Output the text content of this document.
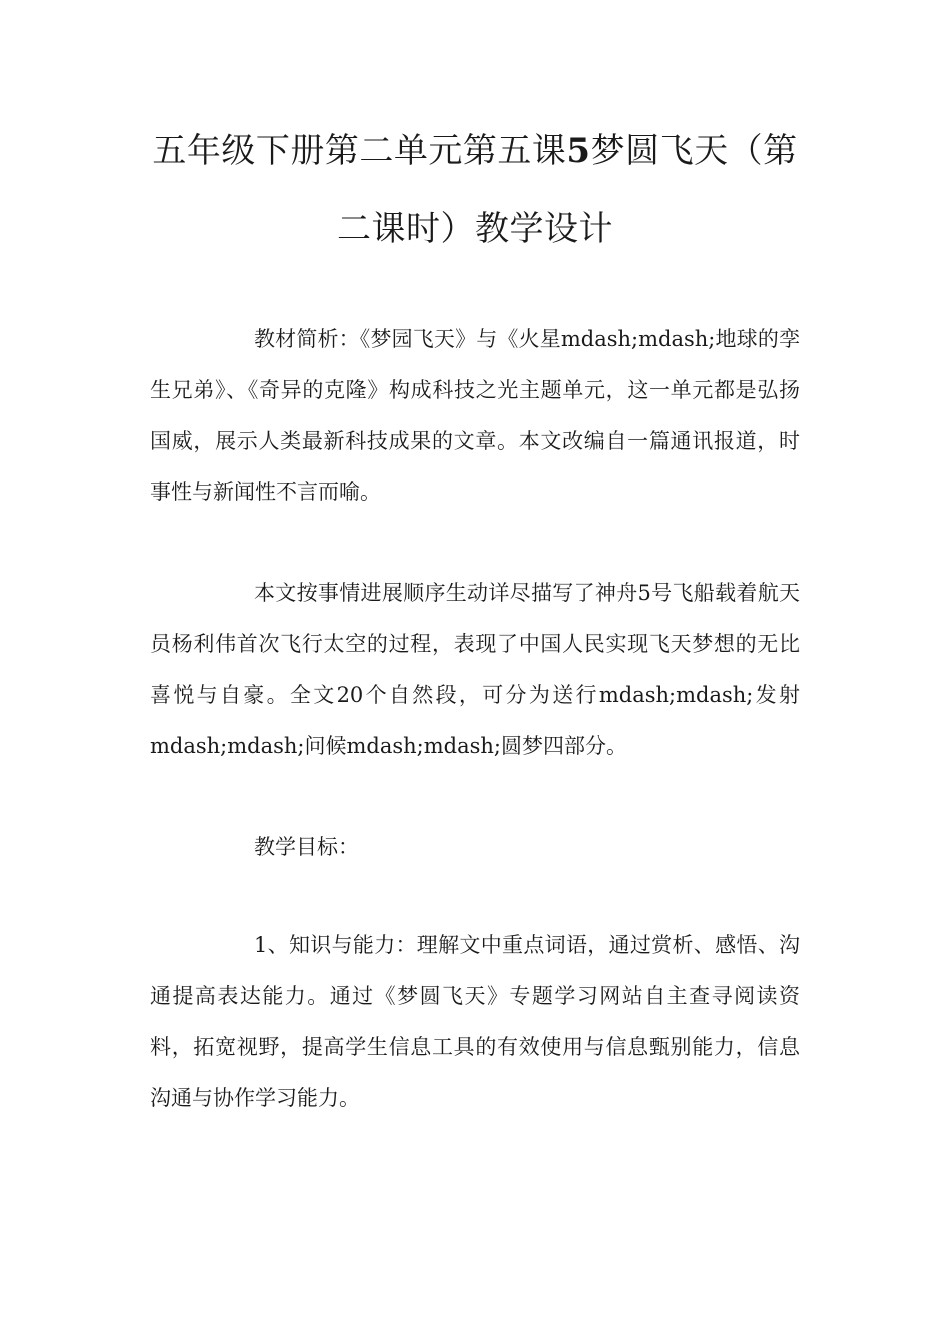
五年级下册第二单元第五课5梦圆飞天（第二课时）教学设计

教材简析：《梦园飞天》与《火星mdash;mdash;地球的孪生兄弟》、《奇异的克隆》构成科技之光主题单元，这一单元都是弘扬国威，展示人类最新科技成果的文章。本文改编自一篇通讯报道，时事性与新闻性不言而喻。

本文按事情进展顺序生动详尽描写了神舟5号飞船载着航天员杨利伟首次飞行太空的过程，表现了中国人民实现飞天梦想的无比喜悦与自豪。全文20个自然段，可分为送行mdash;mdash;发射mdash;mdash;问候mdash;mdash;圆梦四部分。

教学目标：

1、知识与能力：理解文中重点词语，通过赏析、感悟、沟通提高表达能力。通过《梦圆飞天》专题学习网站自主查寻阅读资料，拓宽视野，提高学生信息工具的有效使用与信息甄别能力，信息沟通与协作学习能力。
